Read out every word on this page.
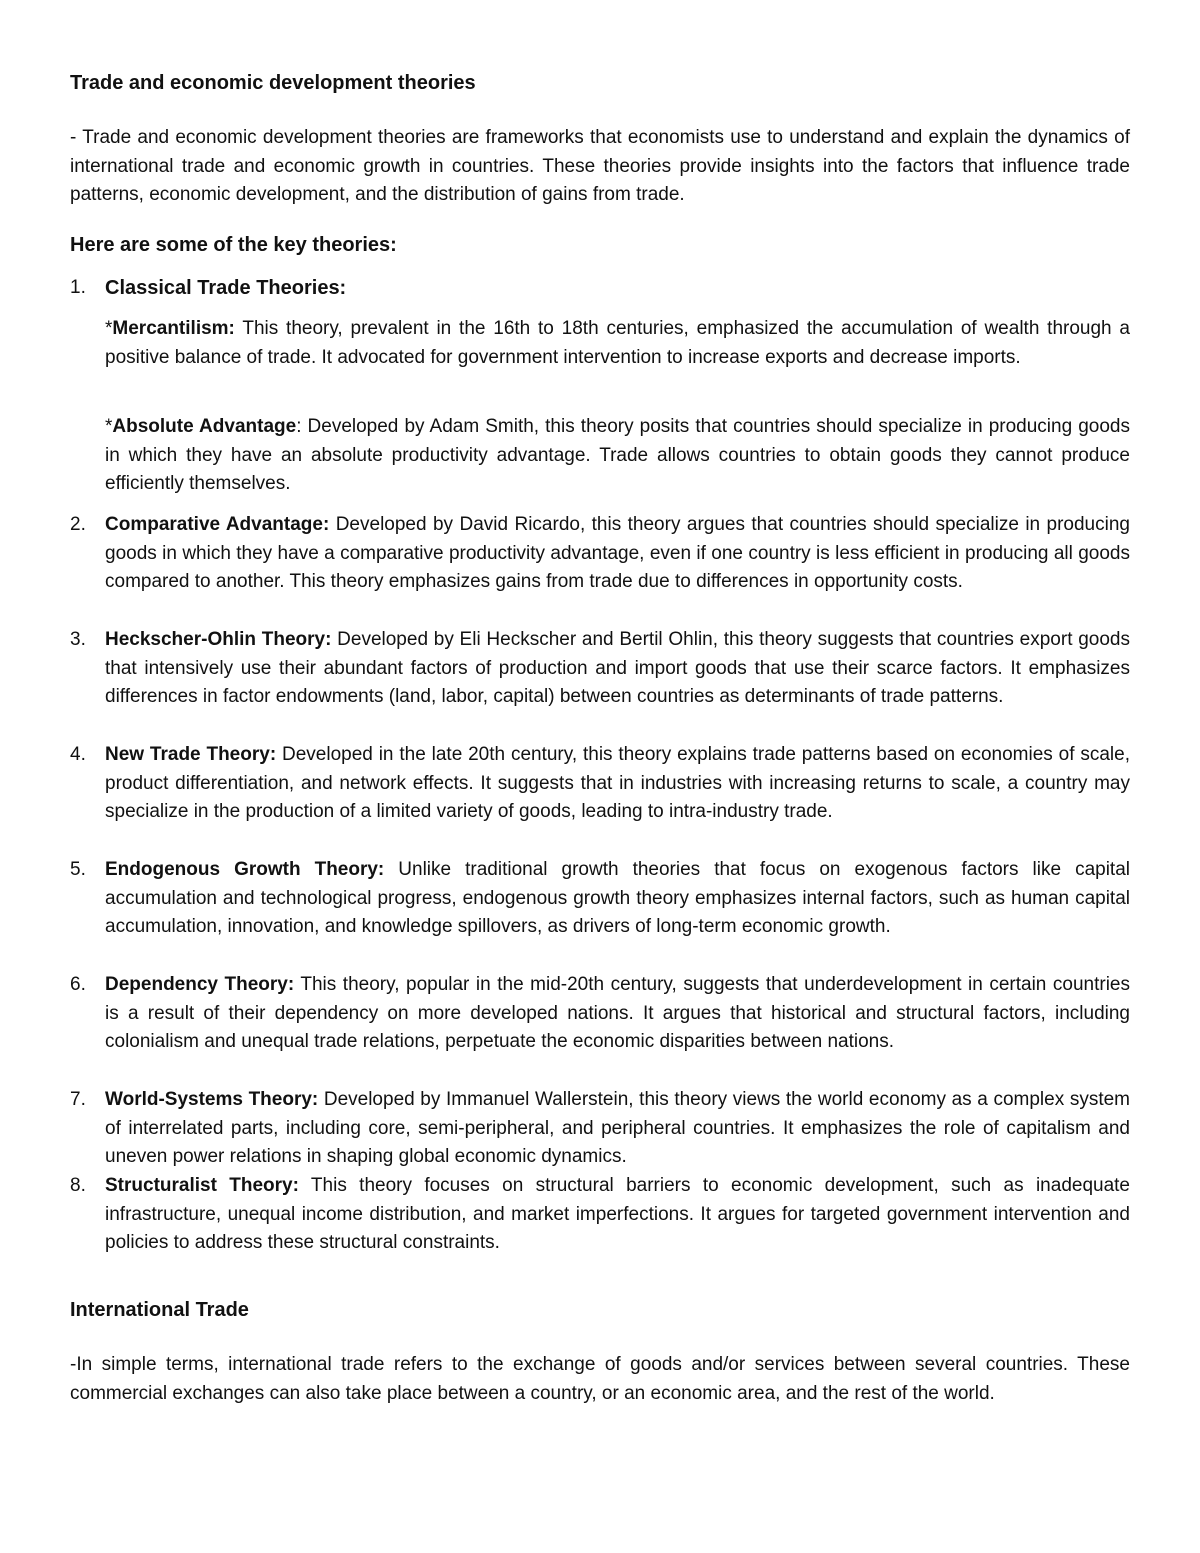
Trade and economic development theories
- Trade and economic development theories are frameworks that economists use to understand and explain the dynamics of international trade and economic growth in countries. These theories provide insights into the factors that influence trade patterns, economic development, and the distribution of gains from trade.
Here are some of the key theories:
1. Classical Trade Theories:
*Mercantilism: This theory, prevalent in the 16th to 18th centuries, emphasized the accumulation of wealth through a positive balance of trade. It advocated for government intervention to increase exports and decrease imports.
*Absolute Advantage: Developed by Adam Smith, this theory posits that countries should specialize in producing goods in which they have an absolute productivity advantage. Trade allows countries to obtain goods they cannot produce efficiently themselves.
2.	Comparative Advantage: Developed by David Ricardo, this theory argues that countries should specialize in producing goods in which they have a comparative productivity advantage, even if one country is less efficient in producing all goods compared to another. This theory emphasizes gains from trade due to differences in opportunity costs.
3.	Heckscher-Ohlin Theory: Developed by Eli Heckscher and Bertil Ohlin, this theory suggests that countries export goods that intensively use their abundant factors of production and import goods that use their scarce factors. It emphasizes differences in factor endowments (land, labor, capital) between countries as determinants of trade patterns.
4.	New Trade Theory: Developed in the late 20th century, this theory explains trade patterns based on economies of scale, product differentiation, and network effects. It suggests that in industries with increasing returns to scale, a country may specialize in the production of a limited variety of goods, leading to intra-industry trade.
5.	Endogenous Growth Theory: Unlike traditional growth theories that focus on exogenous factors like capital accumulation and technological progress, endogenous growth theory emphasizes internal factors, such as human capital accumulation, innovation, and knowledge spillovers, as drivers of long-term economic growth.
6.	Dependency Theory: This theory, popular in the mid-20th century, suggests that underdevelopment in certain countries is a result of their dependency on more developed nations. It argues that historical and structural factors, including colonialism and unequal trade relations, perpetuate the economic disparities between nations.
7.	World-Systems Theory: Developed by Immanuel Wallerstein, this theory views the world economy as a complex system of interrelated parts, including core, semi-peripheral, and peripheral countries. It emphasizes the role of capitalism and uneven power relations in shaping global economic dynamics.
8.	Structuralist Theory: This theory focuses on structural barriers to economic development, such as inadequate infrastructure, unequal income distribution, and market imperfections. It argues for targeted government intervention and policies to address these structural constraints.
International Trade
-In simple terms, international trade refers to the exchange of goods and/or services between several countries. These commercial exchanges can also take place between a country, or an economic area, and the rest of the world.
